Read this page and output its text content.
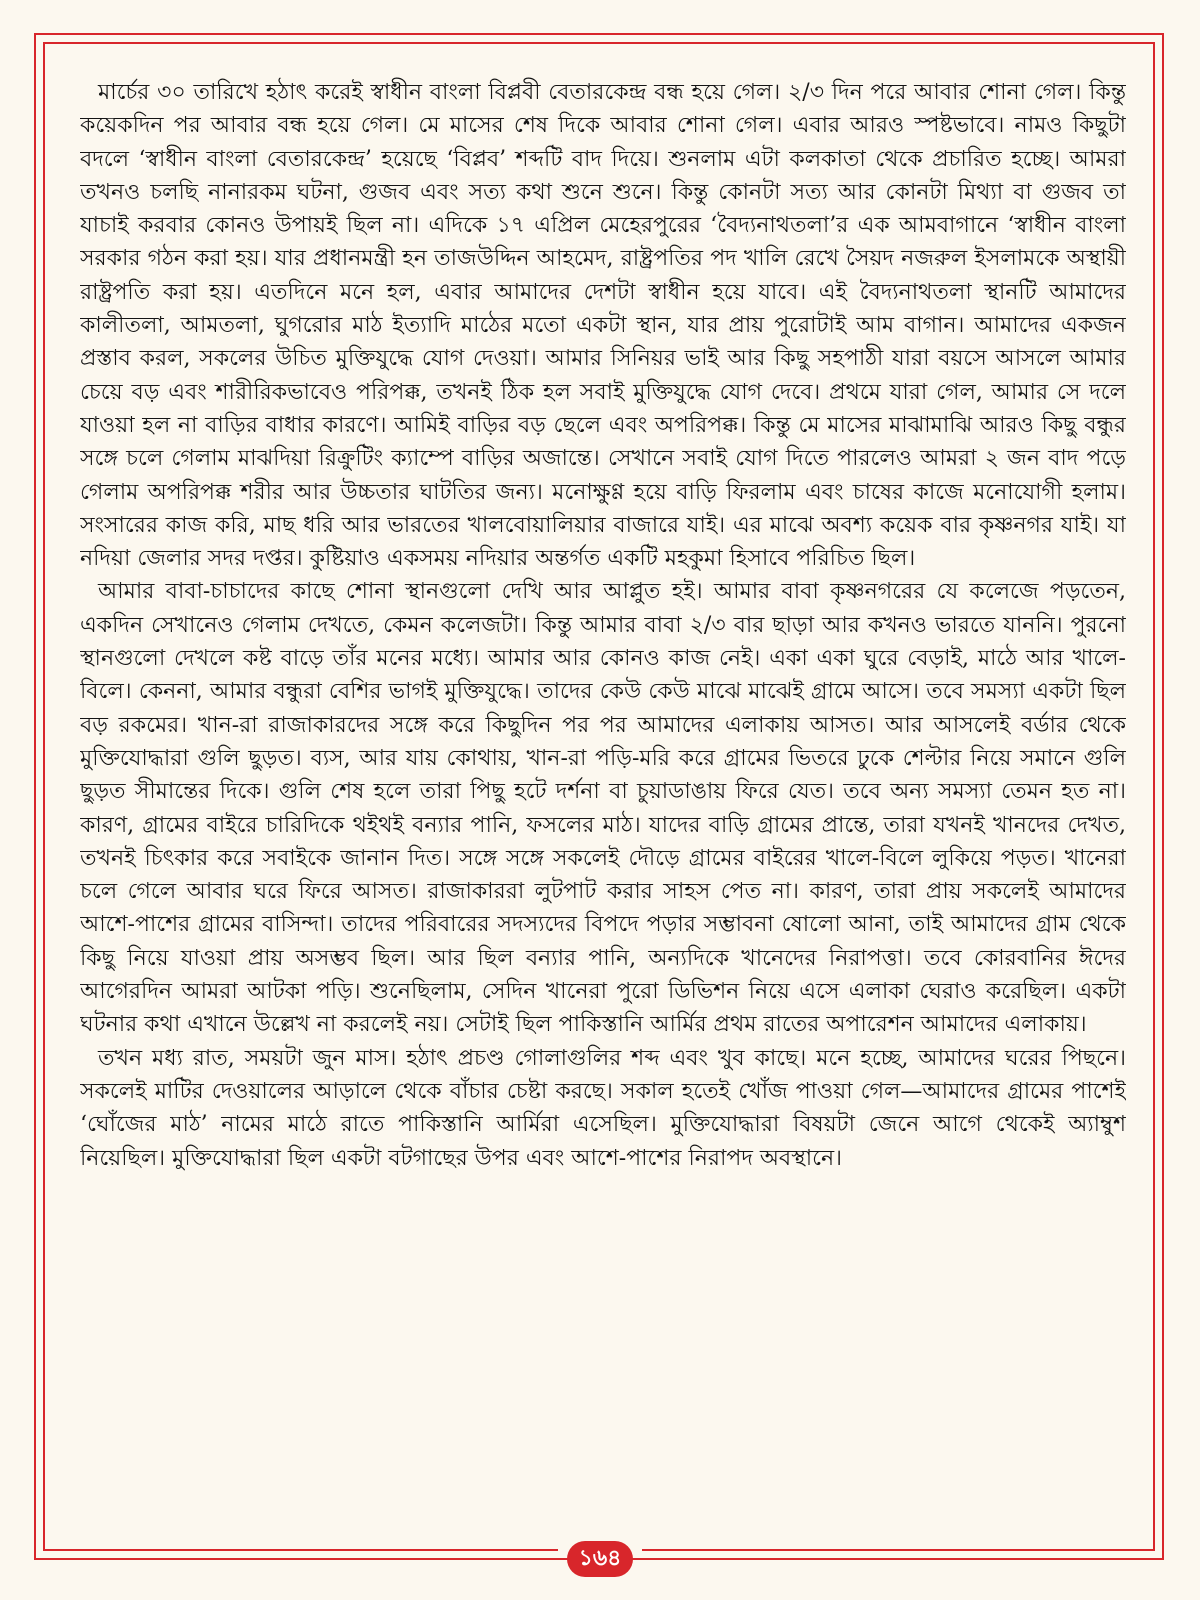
মার্চের ৩০ তারিখে হঠাৎ করেই স্বাধীন বাংলা বিপ্লবী বেতারকেন্দ্র বন্ধ হয়ে গেল। ২/৩ দিন পরে আবার শোনা গেল। কিন্তু কয়েকদিন পর আবার বন্ধ হয়ে গেল। মে মাসের শেষ দিকে আবার শোনা গেল। এবার আরও স্পষ্টভাবে। নামও কিছুটা বদলে ‘স্বাধীন বাংলা বেতারকেন্দ্র’ হয়েছে ‘বিপ্লব’ শব্দটি বাদ দিয়ে। শুনলাম এটা কলকাতা থেকে প্রচারিত হচ্ছে। আমরা তখনও চলছি নানারকম ঘটনা, গুজব এবং সত্য কথা শুনে শুনে। কিন্তু কোনটা সত্য আর কোনটা মিথ্যা বা গুজব তা যাচাই করবার কোনও উপায়ই ছিল না। এদিকে ১৭ এপ্রিল মেহেরপুরের ‘বৈদ্যনাথতলা’র এক আমবাগানে ‘স্বাধীন বাংলা সরকার গঠন করা হয়। যার প্রধানমন্ত্রী হন তাজউদ্দিন আহমেদ, রাষ্ট্রপতির পদ খালি রেখে সৈয়দ নজরুল ইসলামকে অস্থায়ী রাষ্ট্রপতি করা হয়। এতদিনে মনে হল, এবার আমাদের দেশটা স্বাধীন হয়ে যাবে। এই বৈদ্যনাথতলা স্থানটি আমাদের কালীতলা, আমতলা, ঘুগরোর মাঠ ইত্যাদি মাঠের মতো একটা স্থান, যার প্রায় পুরোটাই আম বাগান। আমাদের একজন প্রস্তাব করল, সকলের উচিত মুক্তিযুদ্ধে যোগ দেওয়া। আমার সিনিয়র ভাই আর কিছু সহপাঠী যারা বয়সে আসলে আমার চেয়ে বড় এবং শারীরিকভাবেও পরিপক্ক, তখনই ঠিক হল সবাই মুক্তিযুদ্ধে যোগ দেবে। প্রথমে যারা গেল, আমার সে দলে যাওয়া হল না বাড়ির বাধার কারণে। আমিই বাড়ির বড় ছেলে এবং অপরিপক্ক। কিন্তু মে মাসের মাঝামাঝি আরও কিছু বন্ধুর সঙ্গে চলে গেলাম মাঝদিয়া রিক্রুটিং ক্যাম্পে বাড়ির অজান্তে। সেখানে সবাই যোগ দিতে পারলেও আমরা ২ জন বাদ পড়ে গেলাম অপরিপক্ক শরীর আর উচ্চতার ঘাটতির জন্য। মনোক্ষুণ্ণ হয়ে বাড়ি ফিরলাম এবং চাষের কাজে মনোযোগী হলাম। সংসারের কাজ করি, মাছ ধরি আর ভারতের খালবোয়ালিয়ার বাজারে যাই। এর মাঝে অবশ্য কয়েক বার কৃষ্ণনগর যাই। যা নদিয়া জেলার সদর দপ্তর। কুষ্টিয়াও একসময় নদিয়ার অন্তর্গত একটি মহকুমা হিসাবে পরিচিত ছিল।

আমার বাবা-চাচাদের কাছে শোনা স্থানগুলো দেখি আর আপ্লুত হই। আমার বাবা কৃষ্ণনগরের যে কলেজে পড়তেন, একদিন সেখানেও গেলাম দেখতে, কেমন কলেজটা। কিন্তু আমার বাবা ২/৩ বার ছাড়া আর কখনও ভারতে যাননি। পুরনো স্থানগুলো দেখলে কষ্ট বাড়ে তাঁর মনের মধ্যে। আমার আর কোনও কাজ নেই। একা একা ঘুরে বেড়াই, মাঠে আর খালে-বিলে। কেননা, আমার বন্ধুরা বেশির ভাগই মুক্তিযুদ্ধে। তাদের কেউ কেউ মাঝে মাঝেই গ্রামে আসে। তবে সমস্যা একটা ছিল বড় রকমের। খান-রা রাজাকারদের সঙ্গে করে কিছুদিন পর পর আমাদের এলাকায় আসত। আর আসলেই বর্ডার থেকে মুক্তিযোদ্ধারা গুলি ছুড়ত। ব্যস, আর যায় কোথায়, খান-রা পড়ি-মরি করে গ্রামের ভিতরে ঢুকে শেল্টার নিয়ে সমানে গুলি ছুড়ত সীমান্তের দিকে। গুলি শেষ হলে তারা পিছু হটে দর্শনা বা চুয়াডাঙায় ফিরে যেত। তবে অন্য সমস্যা তেমন হত না। কারণ, গ্রামের বাইরে চারিদিকে থইথই বন্যার পানি, ফসলের মাঠ। যাদের বাড়ি গ্রামের প্রান্তে, তারা যখনই খানদের দেখত, তখনই চিৎকার করে সবাইকে জানান দিত। সঙ্গে সঙ্গে সকলেই দৌড়ে গ্রামের বাইরের খালে-বিলে লুকিয়ে পড়ত। খানেরা চলে গেলে আবার ঘরে ফিরে আসত। রাজাকাররা লুটপাট করার সাহস পেত না। কারণ, তারা প্রায় সকলেই আমাদের আশে-পাশের গ্রামের বাসিন্দা। তাদের পরিবারের সদস্যদের বিপদে পড়ার সম্ভাবনা ষোলো আনা, তাই আমাদের গ্রাম থেকে কিছু নিয়ে যাওয়া প্রায় অসম্ভব ছিল। আর ছিল বন্যার পানি, অন্যদিকে খানেদের নিরাপত্তা। তবে কোরবানির ঈদের আগেরদিন আমরা আটকা পড়ি। শুনেছিলাম, সেদিন খানেরা পুরো ডিভিশন নিয়ে এসে এলাকা ঘেরাও করেছিল। একটা ঘটনার কথা এখানে উল্লেখ না করলেই নয়। সেটাই ছিল পাকিস্তানি আর্মির প্রথম রাতের অপারেশন আমাদের এলাকায়।

তখন মধ্য রাত, সময়টা জুন মাস। হঠাৎ প্রচণ্ড গোলাগুলির শব্দ এবং খুব কাছে। মনে হচ্ছে, আমাদের ঘরের পিছনে। সকলেই মাটির দেওয়ালের আড়ালে থেকে বাঁচার চেষ্টা করছে। সকাল হতেই খোঁজ পাওয়া গেল—আমাদের গ্রামের পাশেই ‘ঘোঁজের মাঠ’ নামের মাঠে রাতে পাকিস্তানি আর্মিরা এসেছিল। মুক্তিযোদ্ধারা বিষয়টা জেনে আগে থেকেই অ্যাম্বুশ নিয়েছিল। মুক্তিযোদ্ধারা ছিল একটা বটগাছের উপর এবং আশে-পাশের নিরাপদ অবস্থানে।

১৬৪
